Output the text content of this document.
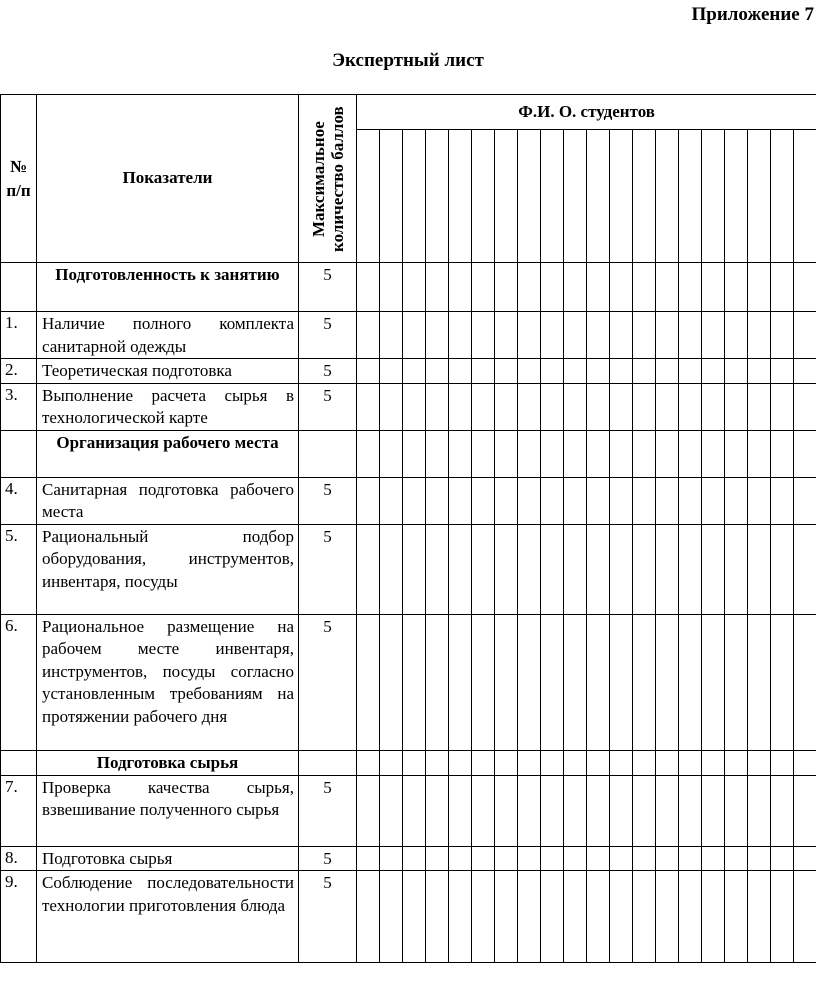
Приложение 7
Экспертный лист
№ п/п	Показатели	Максимальное количество баллов	Ф.И. О. студентов																			

	Подготовленность к занятию	5																				
1.	Наличие полного комплекта санитарной одежды	5																				
2.	Теоретическая подготовка	5																				
3.	Выполнение расчета сырья в технологической карте	5																				
	Организация рабочего места																					
4.	Санитарная подготовка рабочего места	5																				
5.	Рациональный подбор оборудования, инструментов, инвентаря, посуды	5																				
6.	Рациональное размещение на рабочем месте инвентаря, инструментов, посуды согласно установленным требованиям на протяжении рабочего дня	5																				
	Подготовка сырья																					
7.	Проверка качества сырья, взвешивание полученного сырья	5																				
8.	Подготовка сырья	5																				
9.	Соблюдение последовательности технологии приготовления блюда	5																				
